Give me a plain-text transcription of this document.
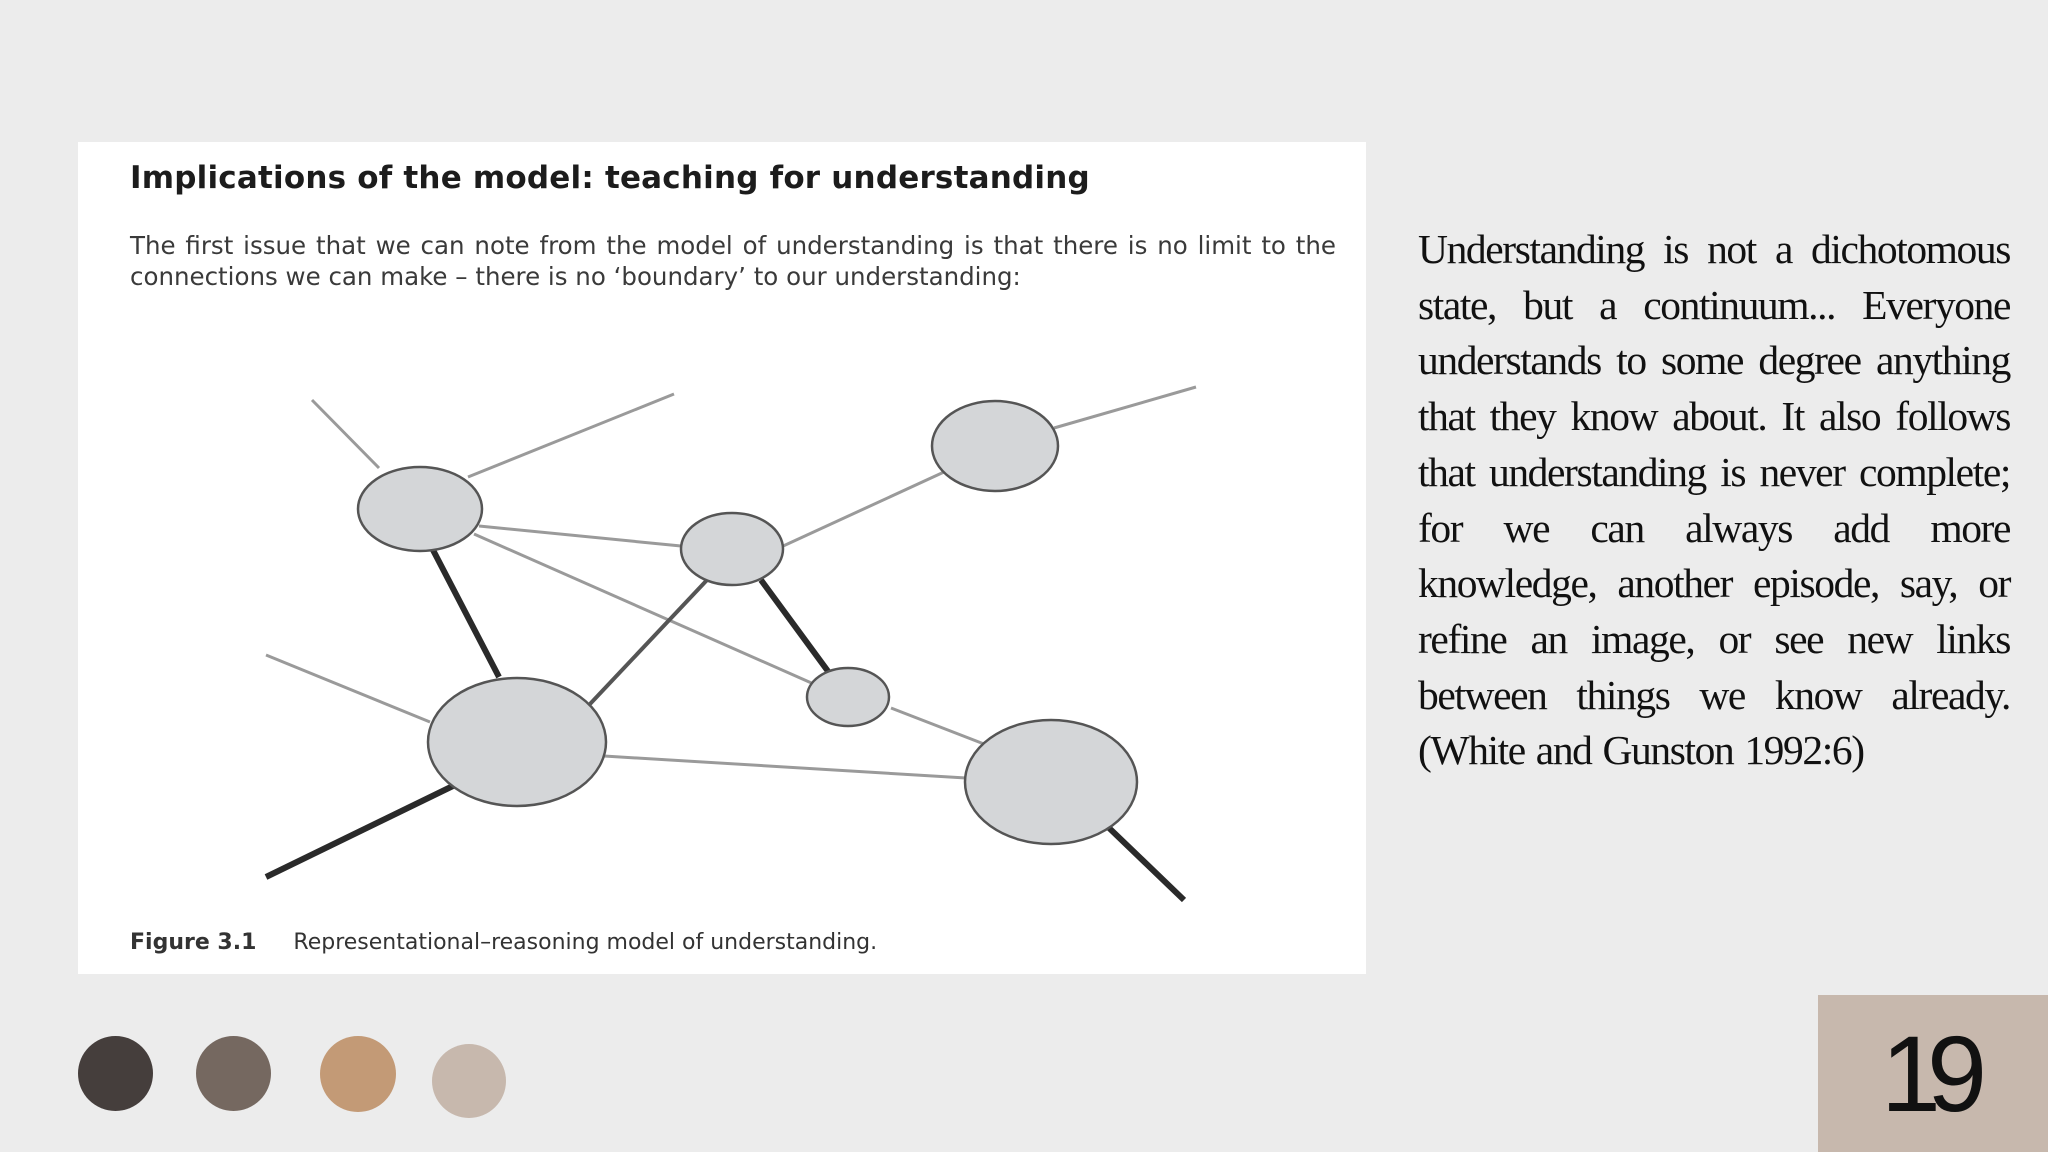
Implications of the model: teaching for understanding

The first issue that we can note from the model of understanding is that there is no limit to the connections we can make – there is no ‘boundary’ to our understanding:

Figure 3.1 Representational–reasoning model of understanding.

Understanding is not a dichotomous state, but a continuum... Everyone understands to some degree anything that they know about. It also follows that understanding is never complete; for we can always add more knowledge, another episode, say, or refine an image, or see new links between things we know already. (White and Gunston 1992:6)

19
